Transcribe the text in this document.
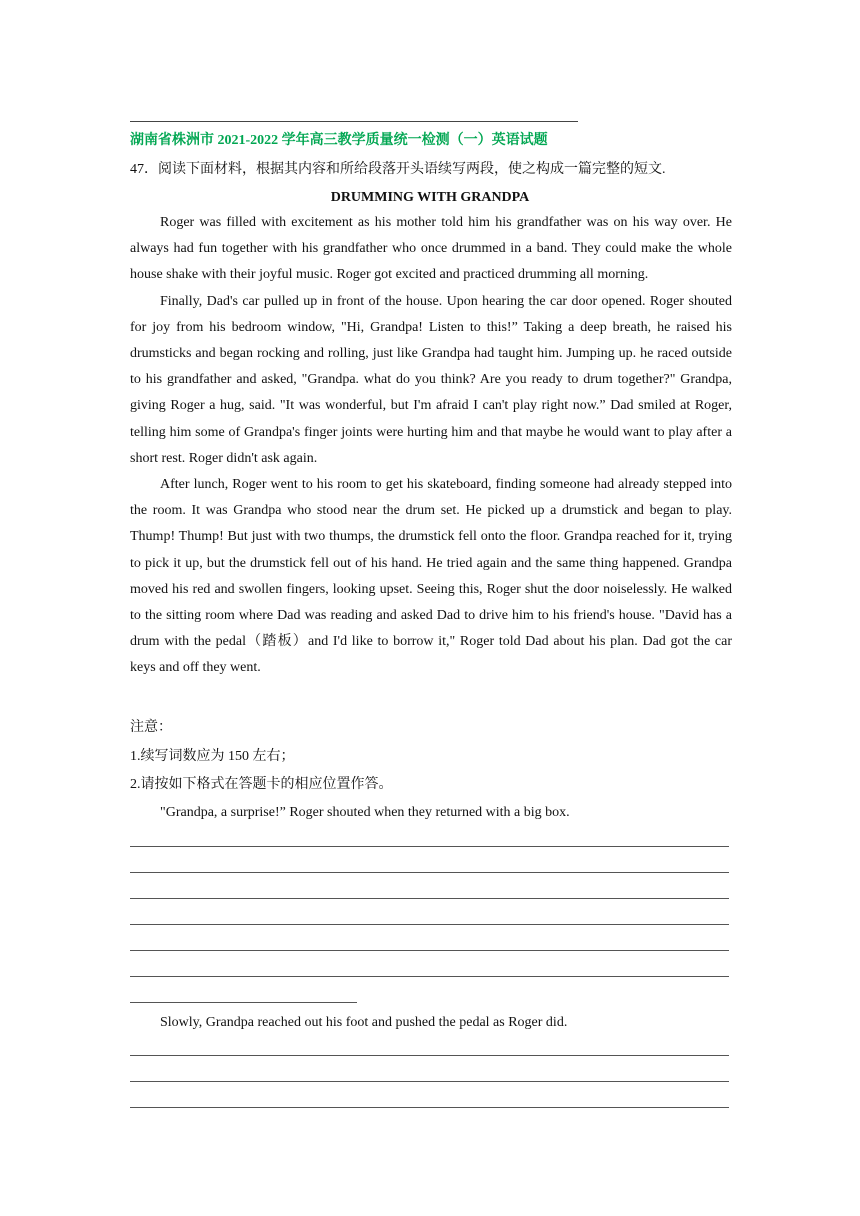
湖南省株洲市 2021-2022 学年高三教学质量统一检测（一）英语试题
47．阅读下面材料，根据其内容和所给段落开头语续写两段，使之构成一篇完整的短文.
DRUMMING WITH GRANDPA

Roger was filled with excitement as his mother told him his grandfather was on his way over. He always had fun together with his grandfather who once drummed in a band. They could make the whole house shake with their joyful music. Roger got excited and practiced drumming all morning.

Finally, Dad's car pulled up in front of the house. Upon hearing the car door opened. Roger shouted for joy from his bedroom window, "Hi, Grandpa! Listen to this!” Taking a deep breath, he raised his drumsticks and began rocking and rolling, just like Grandpa had taught him. Jumping up. he raced outside to his grandfather and asked, "Grandpa. what do you think? Are you ready to drum together?" Grandpa, giving Roger a hug, said. "It was wonderful, but I'm afraid I can't play right now.” Dad smiled at Roger, telling him some of Grandpa's finger joints were hurting him and that maybe he would want to play after a short rest. Roger didn't ask again.

After lunch, Roger went to his room to get his skateboard, finding someone had already stepped into the room. It was Grandpa who stood near the drum set. He picked up a drumstick and began to play. Thump! Thump! But just with two thumps, the drumstick fell onto the floor. Grandpa reached for it, trying to pick it up, but the drumstick fell out of his hand. He tried again and the same thing happened. Grandpa moved his red and swollen fingers, looking upset. Seeing this, Roger shut the door noiselessly. He walked to the sitting room where Dad was reading and asked Dad to drive him to his friend's house. "David has a drum with the pedal（踏板）and I'd like to borrow it," Roger told Dad about his plan. Dad got the car keys and off they went.

注意：
1.续写词数应为 150 左右；
2.请按如下格式在答题卡的相应位置作答。
"Grandpa, a surprise!” Roger shouted when they returned with a big box.
Slowly, Grandpa reached out his foot and pushed the pedal as Roger did.
